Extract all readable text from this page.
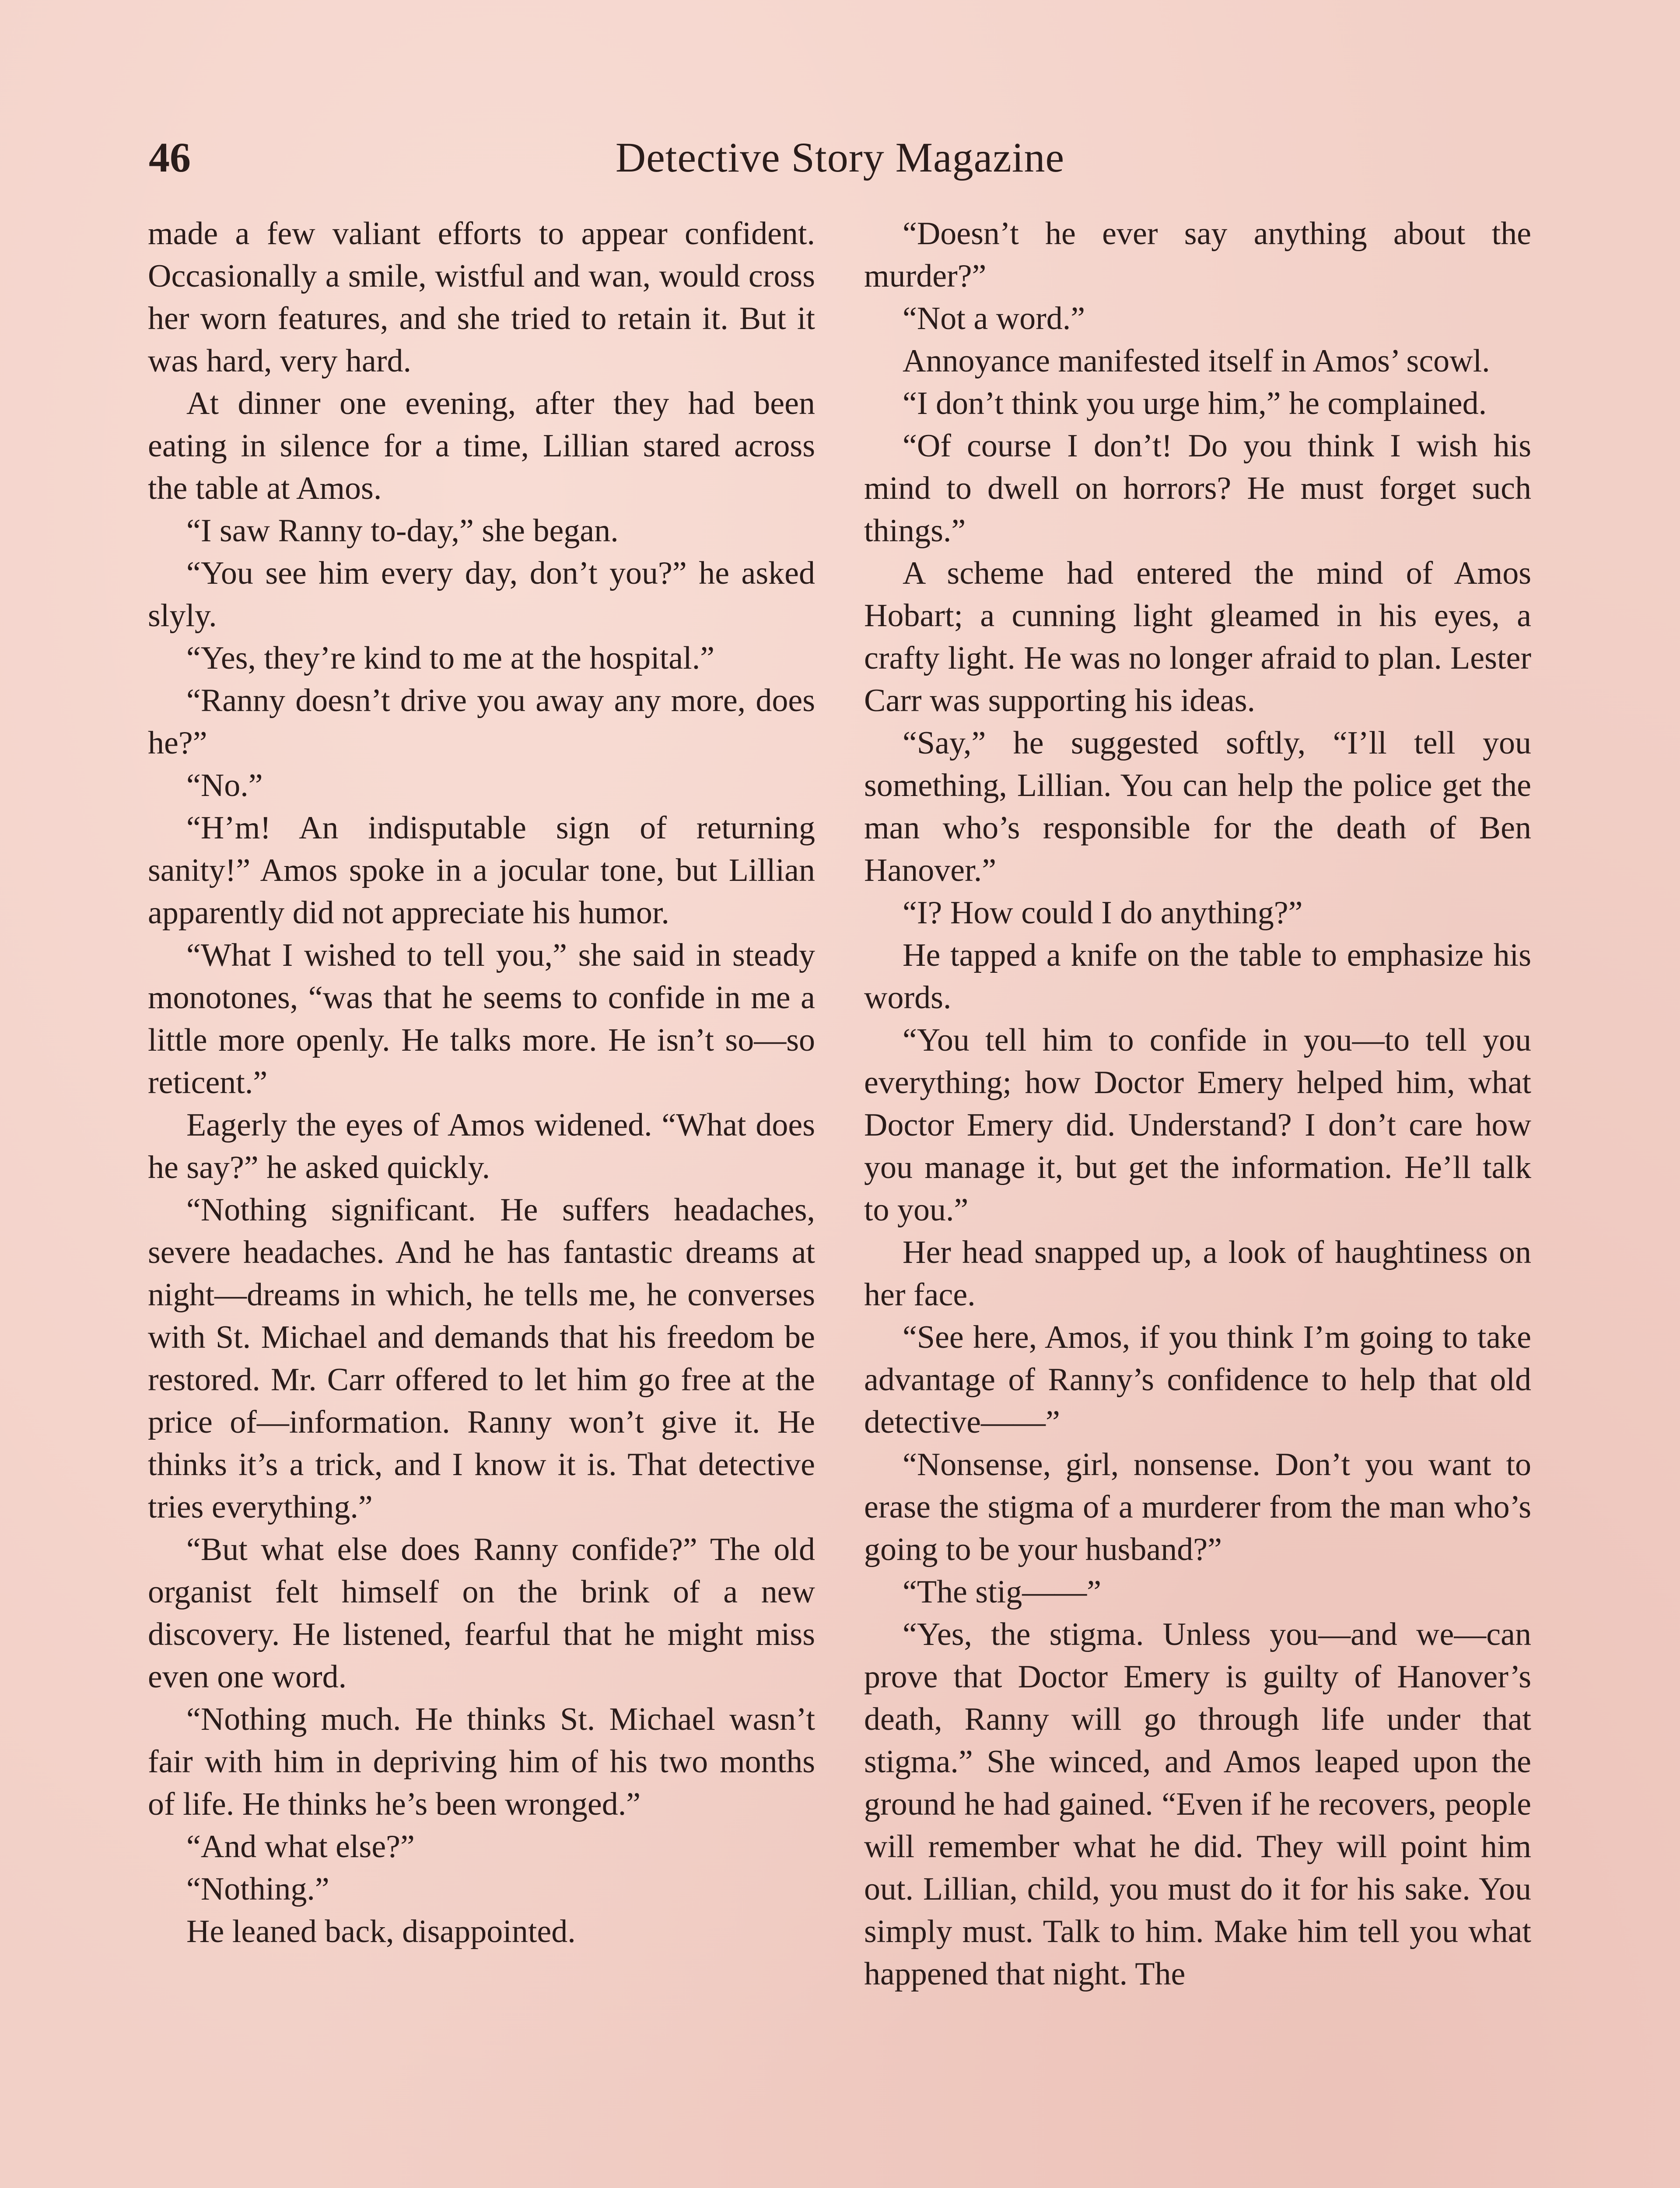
46	Detective Story Magazine

made a few valiant efforts to appear confident. Occasionally a smile, wistful and wan, would cross her worn features, and she tried to retain it. But it was hard, very hard.

At dinner one evening, after they had been eating in silence for a time, Lillian stared across the table at Amos.

“I saw Ranny to-day,” she began.

“You see him every day, don’t you?” he asked slyly.

“Yes, they’re kind to me at the hospital.”

“Ranny doesn’t drive you away any more, does he?”

“No.”

“H’m! An indisputable sign of returning sanity!” Amos spoke in a jocular tone, but Lillian apparently did not appreciate his humor.

“What I wished to tell you,” she said in steady monotones, “was that he seems to confide in me a little more openly. He talks more. He isn’t so—so reticent.”

Eagerly the eyes of Amos widened. “What does he say?” he asked quickly.

“Nothing significant. He suffers headaches, severe headaches. And he has fantastic dreams at night—dreams in which, he tells me, he converses with St. Michael and demands that his freedom be restored. Mr. Carr offered to let him go free at the price of—information. Ranny won’t give it. He thinks it’s a trick, and I know it is. That detective tries everything.”

“But what else does Ranny confide?” The old organist felt himself on the brink of a new discovery. He listened, fearful that he might miss even one word.

“Nothing much. He thinks St. Michael wasn’t fair with him in depriving him of his two months of life. He thinks he’s been wronged.”

“And what else?”

“Nothing.”

He leaned back, disappointed.

“Doesn’t he ever say anything about the murder?”

“Not a word.”

Annoyance manifested itself in Amos’ scowl.

“I don’t think you urge him,” he complained.

“Of course I don’t! Do you think I wish his mind to dwell on horrors? He must forget such things.”

A scheme had entered the mind of Amos Hobart; a cunning light gleamed in his eyes, a crafty light. He was no longer afraid to plan. Lester Carr was supporting his ideas.

“Say,” he suggested softly, “I’ll tell you something, Lillian. You can help the police get the man who’s responsible for the death of Ben Hanover.”

“I? How could I do anything?”

He tapped a knife on the table to emphasize his words.

“You tell him to confide in you—to tell you everything; how Doctor Emery helped him, what Doctor Emery did. Understand? I don’t care how you manage it, but get the information. He’ll talk to you.”

Her head snapped up, a look of haughtiness on her face.

“See here, Amos, if you think I’m going to take advantage of Ranny’s confidence to help that old detective——”

“Nonsense, girl, nonsense. Don’t you want to erase the stigma of a murderer from the man who’s going to be your husband?”

“The stig——”

“Yes, the stigma. Unless you—and we—can prove that Doctor Emery is guilty of Hanover’s death, Ranny will go through life under that stigma.” She winced, and Amos leaped upon the ground he had gained. “Even if he recovers, people will remember what he did. They will point him out. Lillian, child, you must do it for his sake. You simply must. Talk to him. Make him tell you what happened that night. The
